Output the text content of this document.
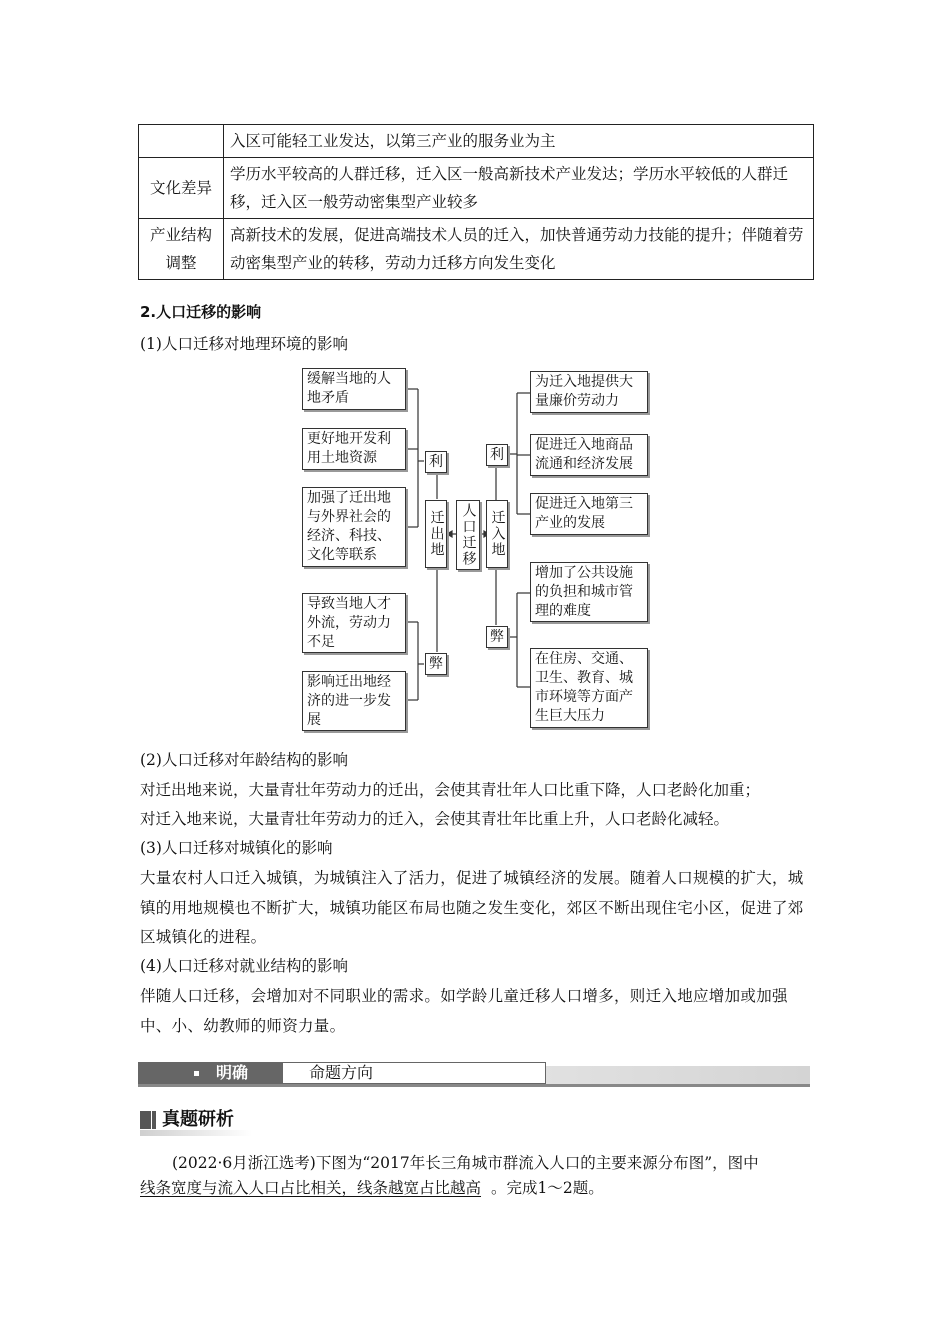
	入区可能轻工业发达，以第三产业的服务业为主
文化差异	学历水平较高的人群迁移，迁入区一般高新技术产业发达；学历水平较低的人群迁移，迁入区一般劳动密集型产业较多
产业结构调整	高新技术的发展，促进高端技术人员的迁入，加快普通劳动力技能的提升；伴随着劳动密集型产业的转移，劳动力迁移方向发生变化
2.人口迁移的影响
(1)人口迁移对地理环境的影响
缓解当地的人地矛盾
更好地开发利用土地资源
加强了迁出地与外界社会的经济、科技、文化等联系
导致当地人才外流，劳动力不足
影响迁出地经济的进一步发展
利
弊
迁出地	人口迁移 迁入地
利
弊
为迁入地提供大量廉价劳动力
促进迁入地商品流通和经济发展
促进迁入地第三产业的发展
增加了公共设施的负担和城市管理的难度
在住房、交通、卫生、教育、城市环境等方面产生巨大压力
(2)人口迁移对年龄结构的影响
对迁出地来说，大量青壮年劳动力的迁出，会使其青壮年人口比重下降，人口老龄化加重；
对迁入地来说，大量青壮年劳动力的迁入，会使其青壮年比重上升，人口老龄化减轻。
(3)人口迁移对城镇化的影响
大量农村人口迁入城镇，为城镇注入了活力，促进了城镇经济的发展。随着人口规模的扩大，城镇的用地规模也不断扩大，城镇功能区布局也随之发生变化，郊区不断出现住宅小区，促进了郊区城镇化的进程。
(4)人口迁移对就业结构的影响
伴随人口迁移，会增加对不同职业的需求。如学龄儿童迁移人口增多，则迁入地应增加或加强中、小、幼教师的师资力量。
明确	命题方向
真题研析
(2022·6月浙江选考)下图为“2017年长三角城市群流入人口的主要来源分布图”，图中
线条宽度与流入人口占比相关，线条越宽占比越高 。完成1～2题。
